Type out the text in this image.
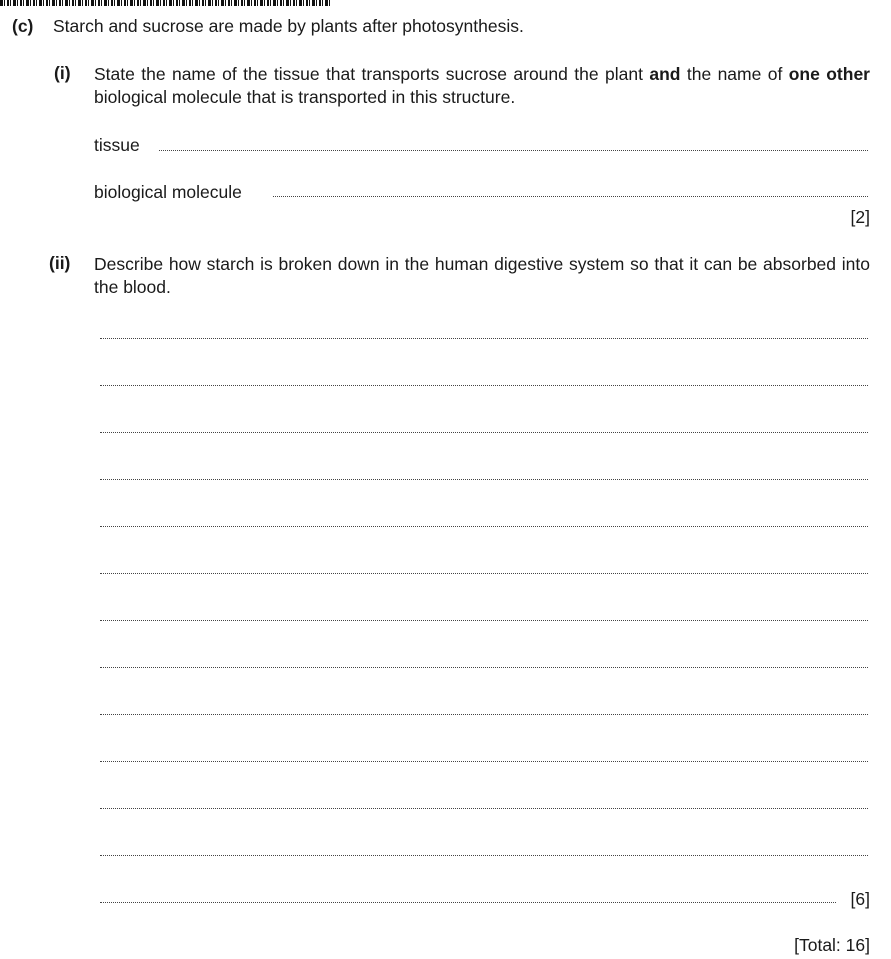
(c) Starch and sucrose are made by plants after photosynthesis.
(i) State the name of the tissue that transports sucrose around the plant and the name of one other biological molecule that is transported in this structure.
tissue
biological molecule
[2]
(ii) Describe how starch is broken down in the human digestive system so that it can be absorbed into the blood.
[6]
[Total: 16]
